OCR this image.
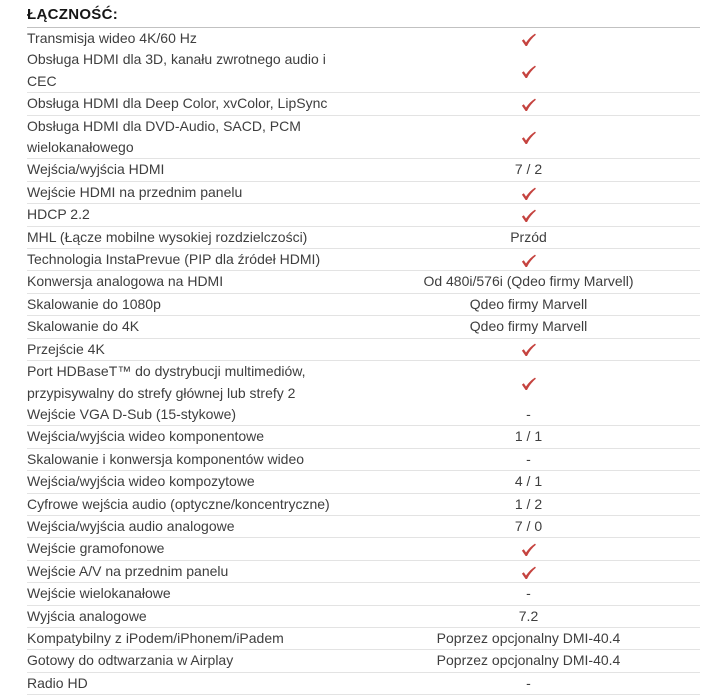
ŁĄCZNOŚĆ:
Transmisja wideo 4K/60 Hz
Obsługa HDMI dla 3D, kanału zwrotnego audio i CEC
Obsługa HDMI dla Deep Color, xvColor, LipSync
Obsługa HDMI dla DVD-Audio, SACD, PCM wielokanałowego
Wejścia/wyjścia HDMI	7 / 2
Wejście HDMI na przednim panelu
HDCP 2.2
MHL (Łącze mobilne wysokiej rozdzielczości)	Przód
Technologia InstaPrevue (PIP dla źródeł HDMI)
Konwersja analogowa na HDMI	Od 480i/576i (Qdeo firmy Marvell)
Skalowanie do 1080p	Qdeo firmy Marvell
Skalowanie do 4K	Qdeo firmy Marvell
Przejście 4K
Port HDBaseT™ do dystrybucji multimediów, przypisywalny do strefy głównej lub strefy 2
Wejście VGA D-Sub (15-stykowe)	-
Wejścia/wyjścia wideo komponentowe	1 / 1
Skalowanie i konwersja komponentów wideo	-
Wejścia/wyjścia wideo kompozytowe	4 / 1
Cyfrowe wejścia audio (optyczne/koncentryczne)	1 / 2
Wejścia/wyjścia audio analogowe	7 / 0
Wejście gramofonowe
Wejście A/V na przednim panelu
Wejście wielokanałowe	-
Wyjścia analogowe	7.2
Kompatybilny z iPodem/iPhonem/iPadem	Poprzez opcjonalny DMI-40.4
Gotowy do odtwarzania w Airplay	Poprzez opcjonalny DMI-40.4
Radio HD	-
